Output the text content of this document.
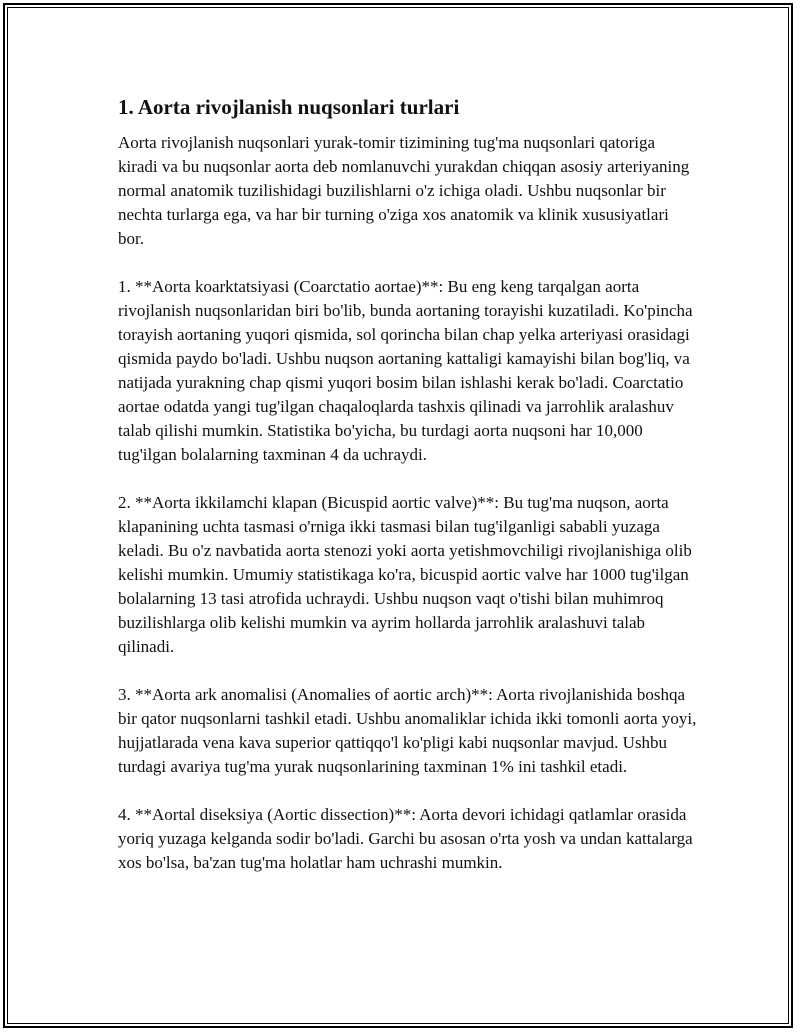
1. Aorta rivojlanish nuqsonlari turlari

Aorta rivojlanish nuqsonlari yurak-tomir tizimining tug'ma nuqsonlari qatoriga kiradi va bu nuqsonlar aorta deb nomlanuvchi yurakdan chiqqan asosiy arteriyaning normal anatomik tuzilishidagi buzilishlarni o'z ichiga oladi. Ushbu nuqsonlar bir nechta turlarga ega, va har bir turning o'ziga xos anatomik va klinik xususiyatlari bor.

1. **Aorta koarktatsiyasi (Coarctatio aortae)**: Bu eng keng tarqalgan aorta rivojlanish nuqsonlaridan biri bo'lib, bunda aortaning torayishi kuzatiladi. Ko'pincha torayish aortaning yuqori qismida, sol qorincha bilan chap yelka arteriyasi orasidagi qismida paydo bo'ladi. Ushbu nuqson aortaning kattaligi kamayishi bilan bog'liq, va natijada yurakning chap qismi yuqori bosim bilan ishlashi kerak bo'ladi. Coarctatio aortae odatda yangi tug'ilgan chaqaloqlarda tashxis qilinadi va jarrohlik aralashuv talab qilishi mumkin. Statistika bo'yicha, bu turdagi aorta nuqsoni har 10,000 tug'ilgan bolalarning taxminan 4 da uchraydi.

2. **Aorta ikkilamchi klapan (Bicuspid aortic valve)**: Bu tug'ma nuqson, aorta klapanining uchta tasmasi o'rniga ikki tasmasi bilan tug'ilganligi sababli yuzaga keladi. Bu o'z navbatida aorta stenozi yoki aorta yetishmovchiligi rivojlanishiga olib kelishi mumkin. Umumiy statistikaga ko'ra, bicuspid aortic valve har 1000 tug'ilgan bolalarning 13 tasi atrofida uchraydi. Ushbu nuqson vaqt o'tishi bilan muhimroq buzilishlarga olib kelishi mumkin va ayrim hollarda jarrohlik aralashuvi talab qilinadi.

3. **Aorta ark anomalisi (Anomalies of aortic arch)**: Aorta rivojlanishida boshqa bir qator nuqsonlarni tashkil etadi. Ushbu anomaliklar ichida ikki tomonli aorta yoyi, hujjatlarada vena kava superior qattiqqo'l ko'pligi kabi nuqsonlar mavjud. Ushbu turdagi avariya tug'ma yurak nuqsonlarining taxminan 1% ini tashkil etadi.

4. **Aortal diseksiya (Aortic dissection)**: Aorta devori ichidagi qatlamlar orasida yoriq yuzaga kelganda sodir bo'ladi. Garchi bu asosan o'rta yosh va undan kattalarga xos bo'lsa, ba'zan tug'ma holatlar ham uchrashi mumkin.
